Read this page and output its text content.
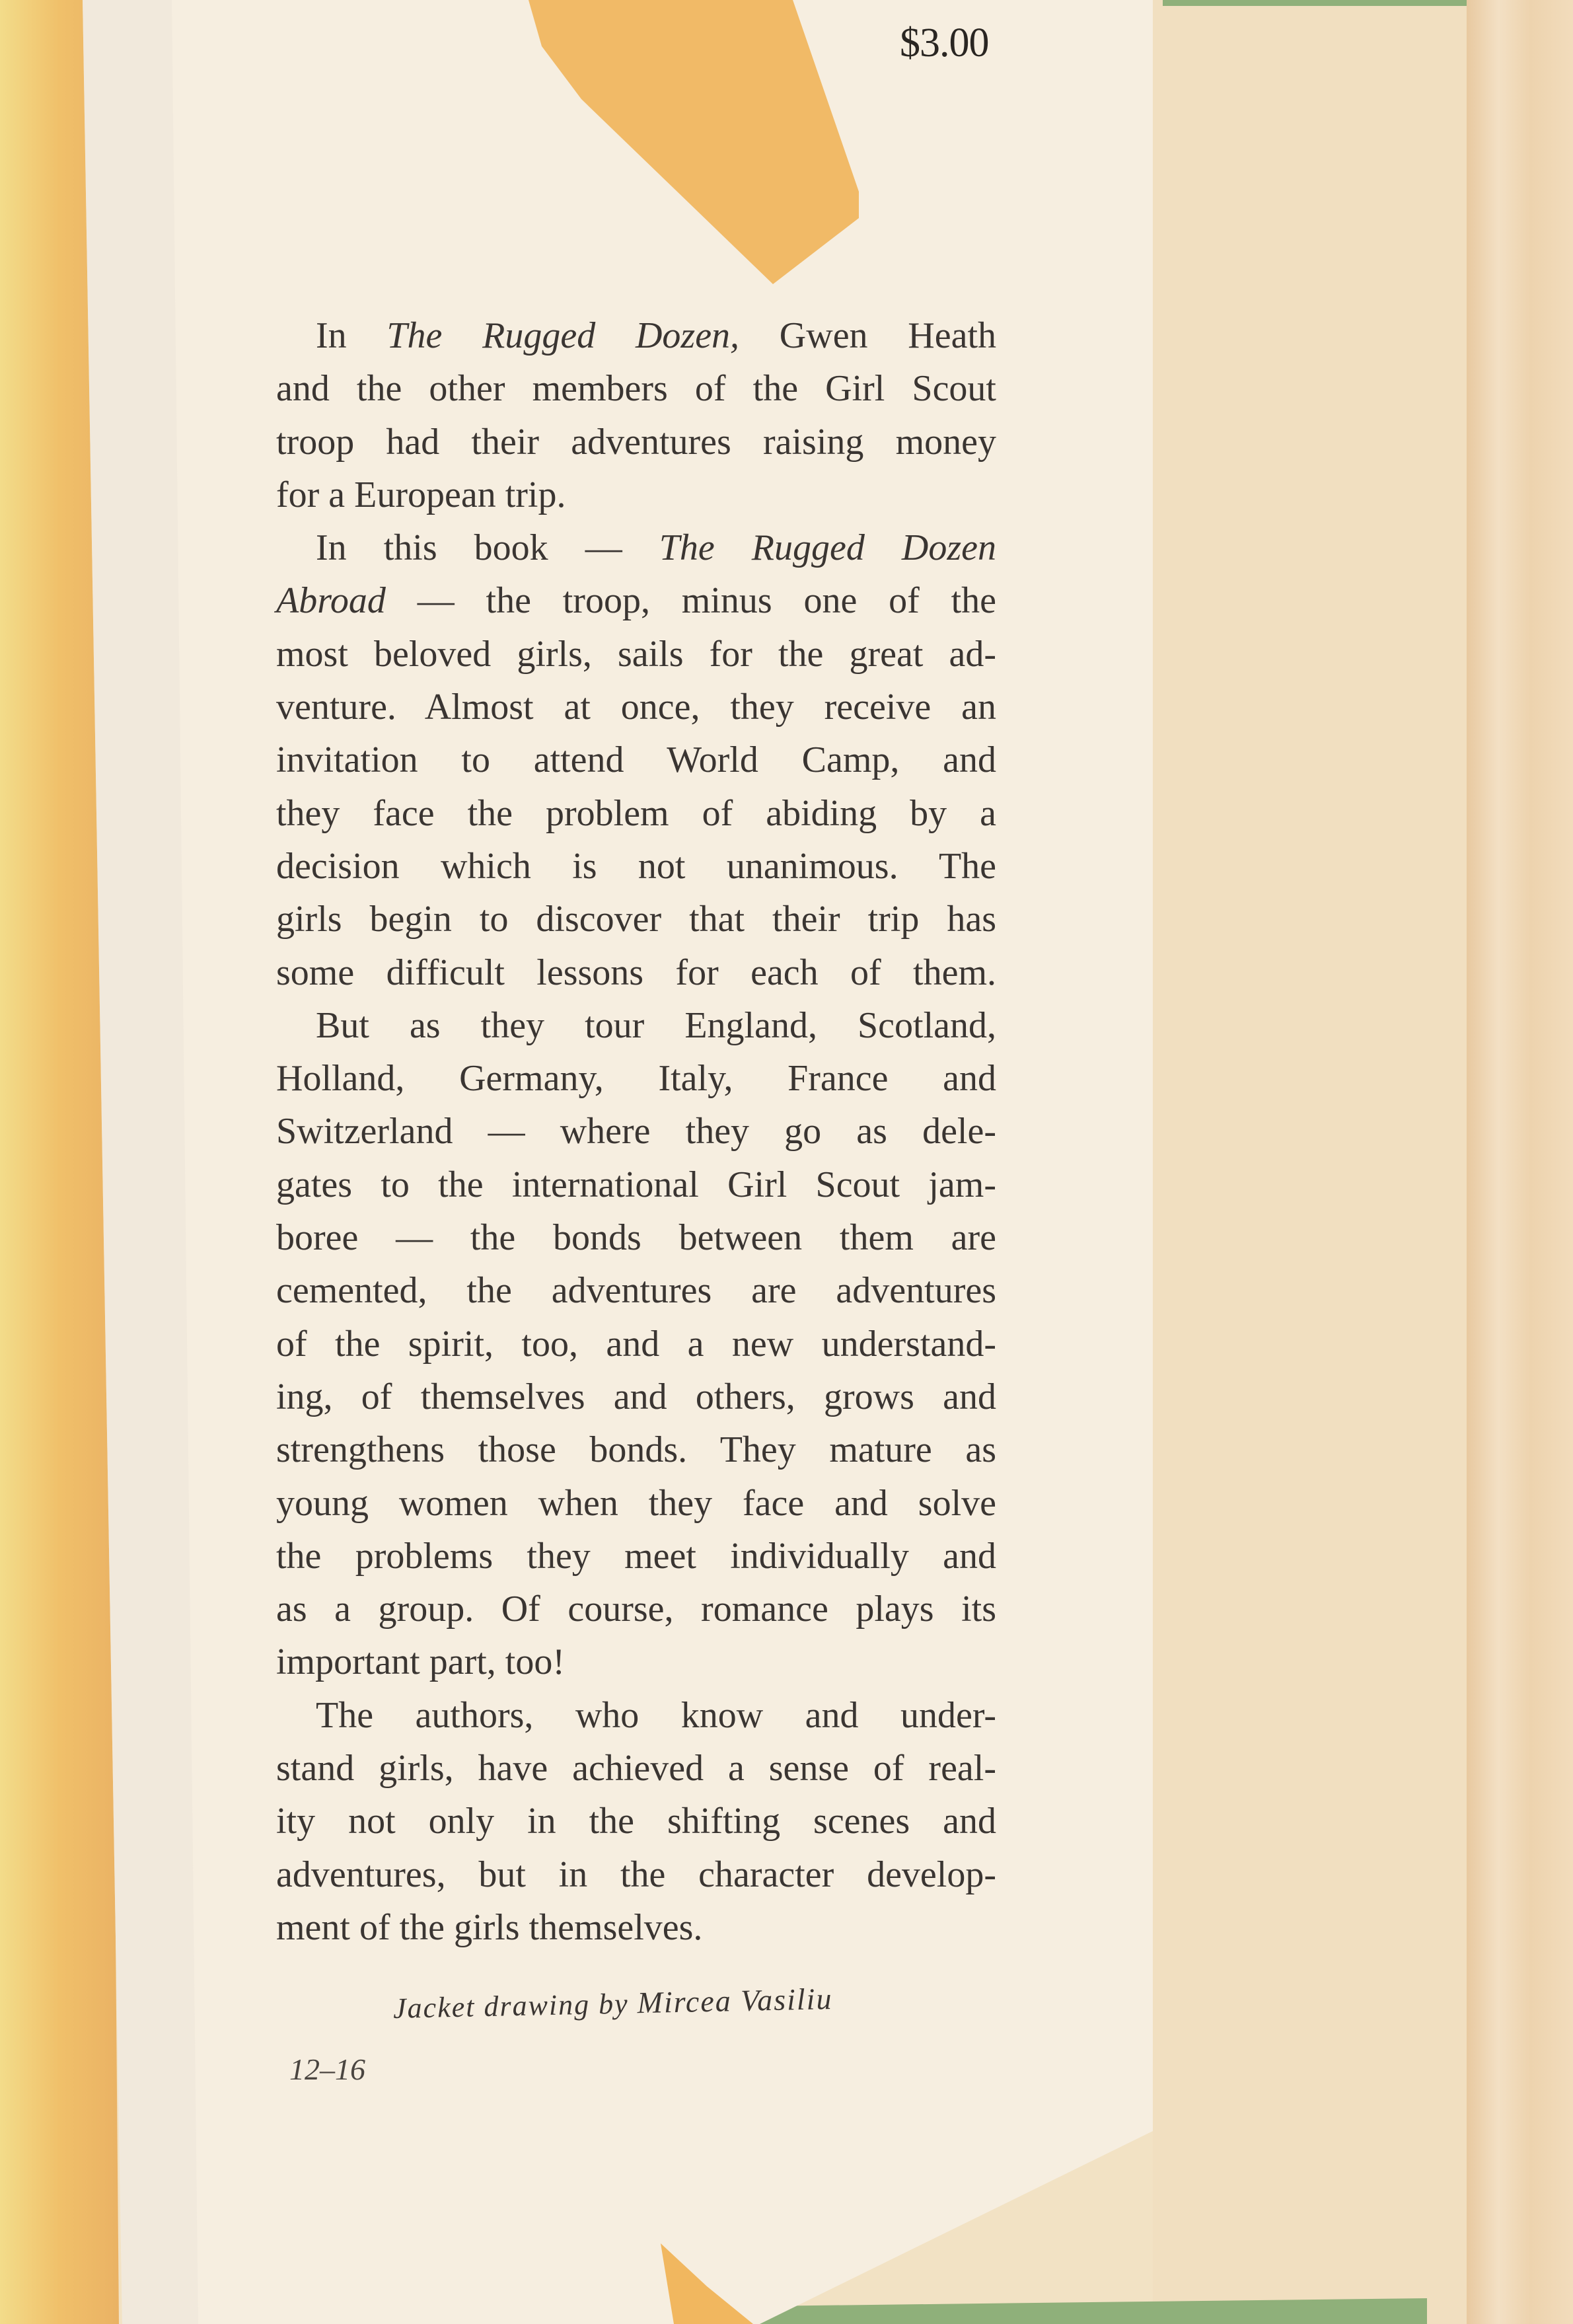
$3.00
In The Rugged Dozen, Gwen Heath
and the other members of the Girl Scout
troop had their adventures raising money
for a European trip.
In this book — The Rugged Dozen
Abroad — the troop, minus one of the
most beloved girls, sails for the great ad-
venture. Almost at once, they receive an
invitation to attend World Camp, and
they face the problem of abiding by a
decision which is not unanimous. The
girls begin to discover that their trip has
some difficult lessons for each of them.
But as they tour England, Scotland,
Holland, Germany, Italy, France and
Switzerland — where they go as dele-
gates to the international Girl Scout jam-
boree — the bonds between them are
cemented, the adventures are adventures
of the spirit, too, and a new understand-
ing, of themselves and others, grows and
strengthens those bonds. They mature as
young women when they face and solve
the problems they meet individually and
as a group. Of course, romance plays its
important part, too!
The authors, who know and under-
stand girls, have achieved a sense of real-
ity not only in the shifting scenes and
adventures, but in the character develop-
ment of the girls themselves.
Jacket drawing by Mircea Vasiliu
12–16
